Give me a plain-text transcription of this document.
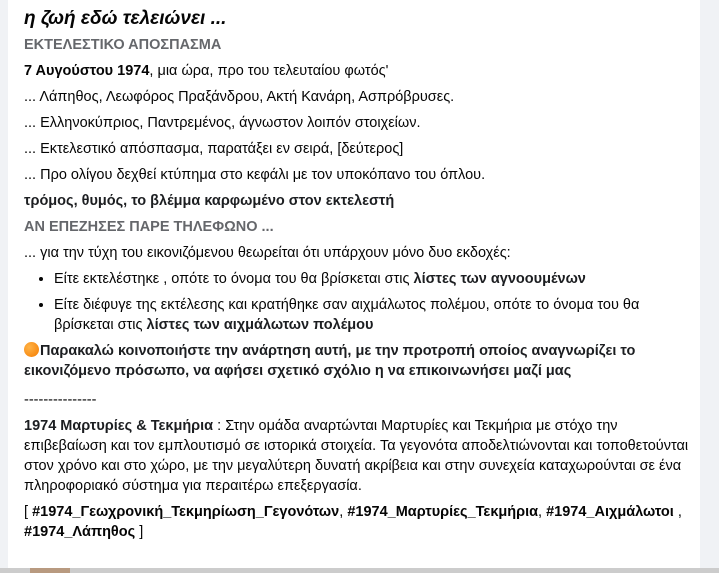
η ζωή εδώ τελειώνει ...

ΕΚΤΕΛΕΣΤΙΚΟ ΑΠΟΣΠΑΣΜΑ

7 Αυγούστου 1974, μια ώρα, προ του τελευταίου φωτός'

... Λάπηθος, Λεωφόρος Πραξάνδρου, Ακτή Κανάρη, Ασπρόβρυσες.

... Ελληνοκύπριος, Παντρεμένος, άγνωστον λοιπόν στοιχείων.

... Εκτελεστικό απόσπασμα, παρατάξει εν σειρά, [δεύτερος]

... Προ ολίγου δεχθεί κτύπημα στο κεφάλι με τον υποκόπανο του όπλου.

τρόμος, θυμός, το βλέμμα καρφωμένο στον εκτελεστή

ΑΝ ΕΠΕΖΗΣΕΣ ΠΑΡΕ ΤΗΛΕΦΩΝΟ ...

... για την τύχη του εικονιζόμενου θεωρείται ότι υπάρχουν μόνο δυο εκδοχές:

• Είτε εκτελέστηκε , οπότε το όνομα του θα βρίσκεται στις λίστες των αγνοουμένων
• Είτε διέφυγε της εκτέλεσης και κρατήθηκε σαν αιχμάλωτος πολέμου, οπότε το όνομα του θα βρίσκεται στις λίστες των αιχμάλωτων πολέμου

Παρακαλώ κοινοποιήστε την ανάρτηση αυτή, με την προτροπή οποίος αναγνωρίζει το εικονιζόμενο πρόσωπο, να αφήσει σχετικό σχόλιο η να επικοινωνήσει μαζί μας

---------------

1974 Μαρτυρίες & Τεκμήρια : Στην ομάδα αναρτώνται Μαρτυρίες και Τεκμήρια με στόχο την επιβεβαίωση και τον εμπλουτισμό σε ιστορικά στοιχεία. Τα γεγονότα αποδελτιώνονται και τοποθετούνται στον χρόνο και στο χώρο, με την μεγαλύτερη δυνατή ακρίβεια και στην συνεχεία καταχωρούνται σε ένα πληροφοριακό σύστημα για περαιτέρω επεξεργασία.

[ #1974_Γεωχρονική_Τεκμηρίωση_Γεγονότων, #1974_Μαρτυρίες_Τεκμήρια, #1974_Αιχμάλωτοι , #1974_Λάπηθος ]
